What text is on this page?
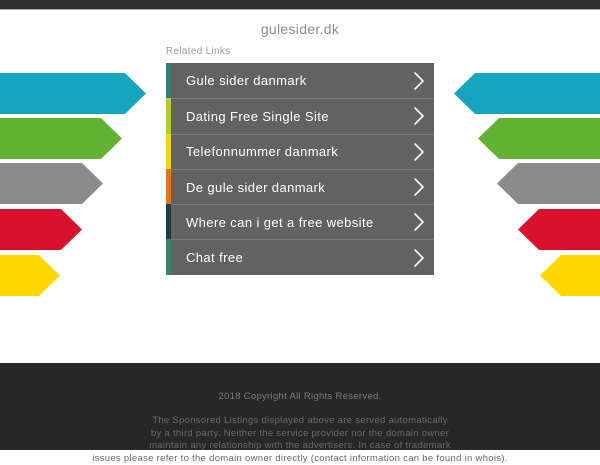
gulesider.dk
Related Links
Gule sider danmark
Dating Free Single Site
Telefonnummer danmark
De gule sider danmark
Where can i get a free website
Chat free
2018 Copyright All Rights Reserved.
The Sponsored Listings displayed above are served automatically
by a third party. Neither the service provider nor the domain owner
maintain any relationship with the advertisers. In case of trademark
issues please refer to the domain owner directly (contact information can be found in whois).
